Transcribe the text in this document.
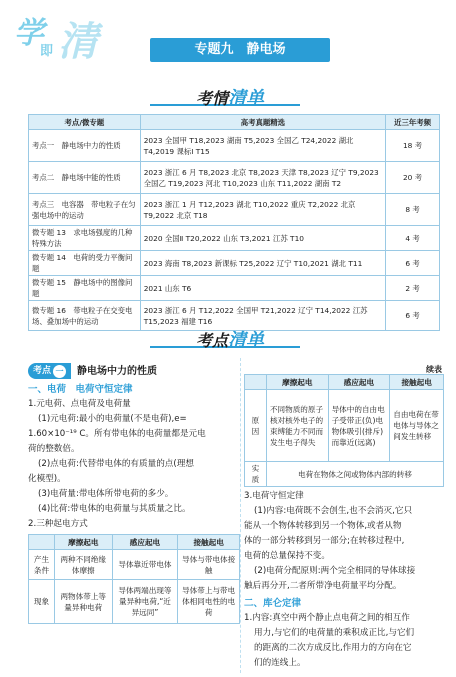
学
即 清	专题九　静电场
考情清单
考点/微专题	高考真题精选	近三年考频
考点一　静电场中力的性质	2023 全国甲 T18,2023 湖南 T5,2023 全国乙 T24,2022 湖北 T4,2019 课标Ⅰ T15	18 考
考点二　静电场中能的性质	2023 浙江 6 月 T8,2023 北京 T8,2023 天津 T8,2023 辽宁 T9,2023 全国乙 T19,2023 河北 T10,2023 山东 T11,2022 湖南 T2	20 考
考点三　电容器　带电粒子在匀强电场中的运动	2023 浙江 1 月 T12,2023 湖北 T10,2022 重庆 T2,2022 北京 T9,2022 北京 T18	8 考
微专题 13　求电场强度的几种特殊方法	2020 全国Ⅱ T20,2022 山东 T3,2021 江苏 T10	4 考
微专题 14　电荷的受力平衡问题	2023 海南 T8,2023 新课标 T25,2022 辽宁 T10,2021 湖北 T11	6 考
微专题 15　静电场中的图像问题	2021 山东 T6	2 考
微专题 16　带电粒子在交变电场、叠加场中的运动	2023 浙江 6 月 T12,2022 全国甲 T21,2022 辽宁 T14,2022 江苏 T15,2023 福建 T16	6 考
考点清单
考点 一 静电场中力的性质
一、电荷　电荷守恒定律
1.元电荷、点电荷及电荷量
(1)元电荷:最小的电荷量(不是电荷),e=
1.60×10⁻¹⁹ C。所有带电体的电荷量都是元电
荷的整数倍。
(2)点电荷:代替带电体的有质量的点(理想
化模型)。
(3)电荷量:带电体所带电荷的多少。
(4)比荷:带电体的电荷量与其质量之比。
2.三种起电方式
	摩擦起电	感应起电	接触起电
产生条件	两种不同绝缘体摩擦	导体靠近带电体	导体与带电体接触
现象	两物体带上等量异种电荷	导体两端出现等量异种电荷,“近异远同”	导体带上与带电体相同电性的电荷
续表
	摩擦起电	感应起电	接触起电
原因	不同物质的原子核对核外电子的束缚能力不同而发生电子得失	导体中的自由电子受带正(负)电物体吸引(排斥)而靠近(远离)	自由电荷在带电体与导体之间发生转移
实质	电荷在物体之间或物体内部的转移		
3.电荷守恒定律
(1)内容:电荷既不会创生,也不会消灭,它只
能从一个物体转移到另一个物体,或者从物
体的一部分转移到另一部分;在转移过程中,
电荷的总量保持不变。
(2)电荷分配原则:两个完全相同的导体球接
触后再分开,二者所带净电荷量平均分配。
二、库仑定律
1.内容:真空中两个静止点电荷之间的相互作
用力,与它们的电荷量的乘积成正比,与它们
的距离的二次方成反比,作用力的方向在它
们的连线上。
